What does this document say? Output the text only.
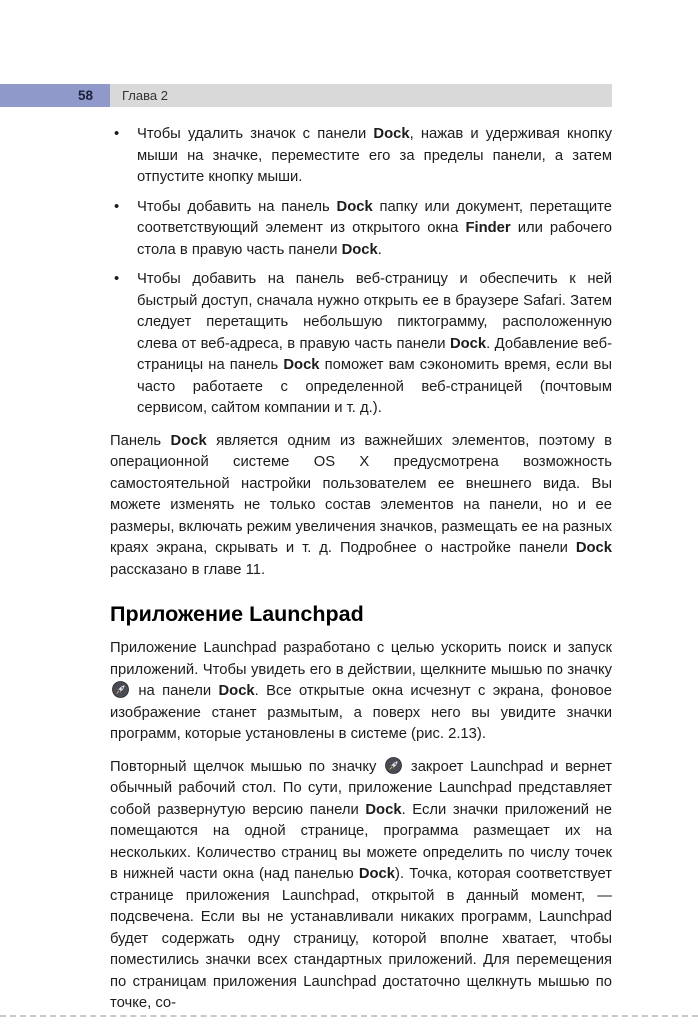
58	Глава 2
•	Чтобы удалить значок с панели Dock, нажав и удерживая кнопку мыши на значке, переместите его за пределы панели, а затем отпустите кнопку мыши.
•	Чтобы добавить на панель Dock папку или документ, перетащите соответствующий элемент из открытого окна Finder или рабочего стола в правую часть панели Dock.
•	Чтобы добавить на панель веб-страницу и обеспечить к ней быстрый доступ, сначала нужно открыть ее в браузере Safari. Затем следует перетащить небольшую пиктограмму, расположенную слева от веб-адреса, в правую часть панели Dock. Добавление веб-страницы на панель Dock поможет вам сэкономить время, если вы часто работаете с определенной веб-страницей (почтовым сервисом, сайтом компании и т. д.).

Панель Dock является одним из важнейших элементов, поэтому в операционной системе OS X предусмотрена возможность самостоятельной настройки пользователем ее внешнего вида. Вы можете изменять не только состав элементов на панели, но и ее размеры, включать режим увеличения значков, размещать ее на разных краях экрана, скрывать и т. д. Подробнее о настройке панели Dock рассказано в главе 11.

Приложение Launchpad

Приложение Launchpad разработано с целью ускорить поиск и запуск приложений. Чтобы увидеть его в действии, щелкните мышью по значку
на панели Dock. Все открытые окна исчезнут с экрана, фоновое изображение станет размытым, а поверх него вы увидите значки программ, которые установлены в системе (рис. 2.13).

Повторный щелчок мышью по значку
закроет Launchpad и вернет обычный рабочий стол. По сути, приложение Launchpad представляет собой развернутую версию панели Dock. Если значки приложений не помещаются на одной странице, программа размещает их на нескольких. Количество страниц вы можете определить по числу точек в нижней части окна (над панелью Dock). Точка, которая соответствует странице приложения Launchpad, открытой в данный момент, — подсвечена. Если вы не устанавливали никаких программ, Launchpad будет содержать одну страницу, которой вполне хватает, чтобы поместились значки всех стандартных приложений. Для перемещения по страницам приложения Launchpad достаточно щелкнуть мышью по точке, со-
